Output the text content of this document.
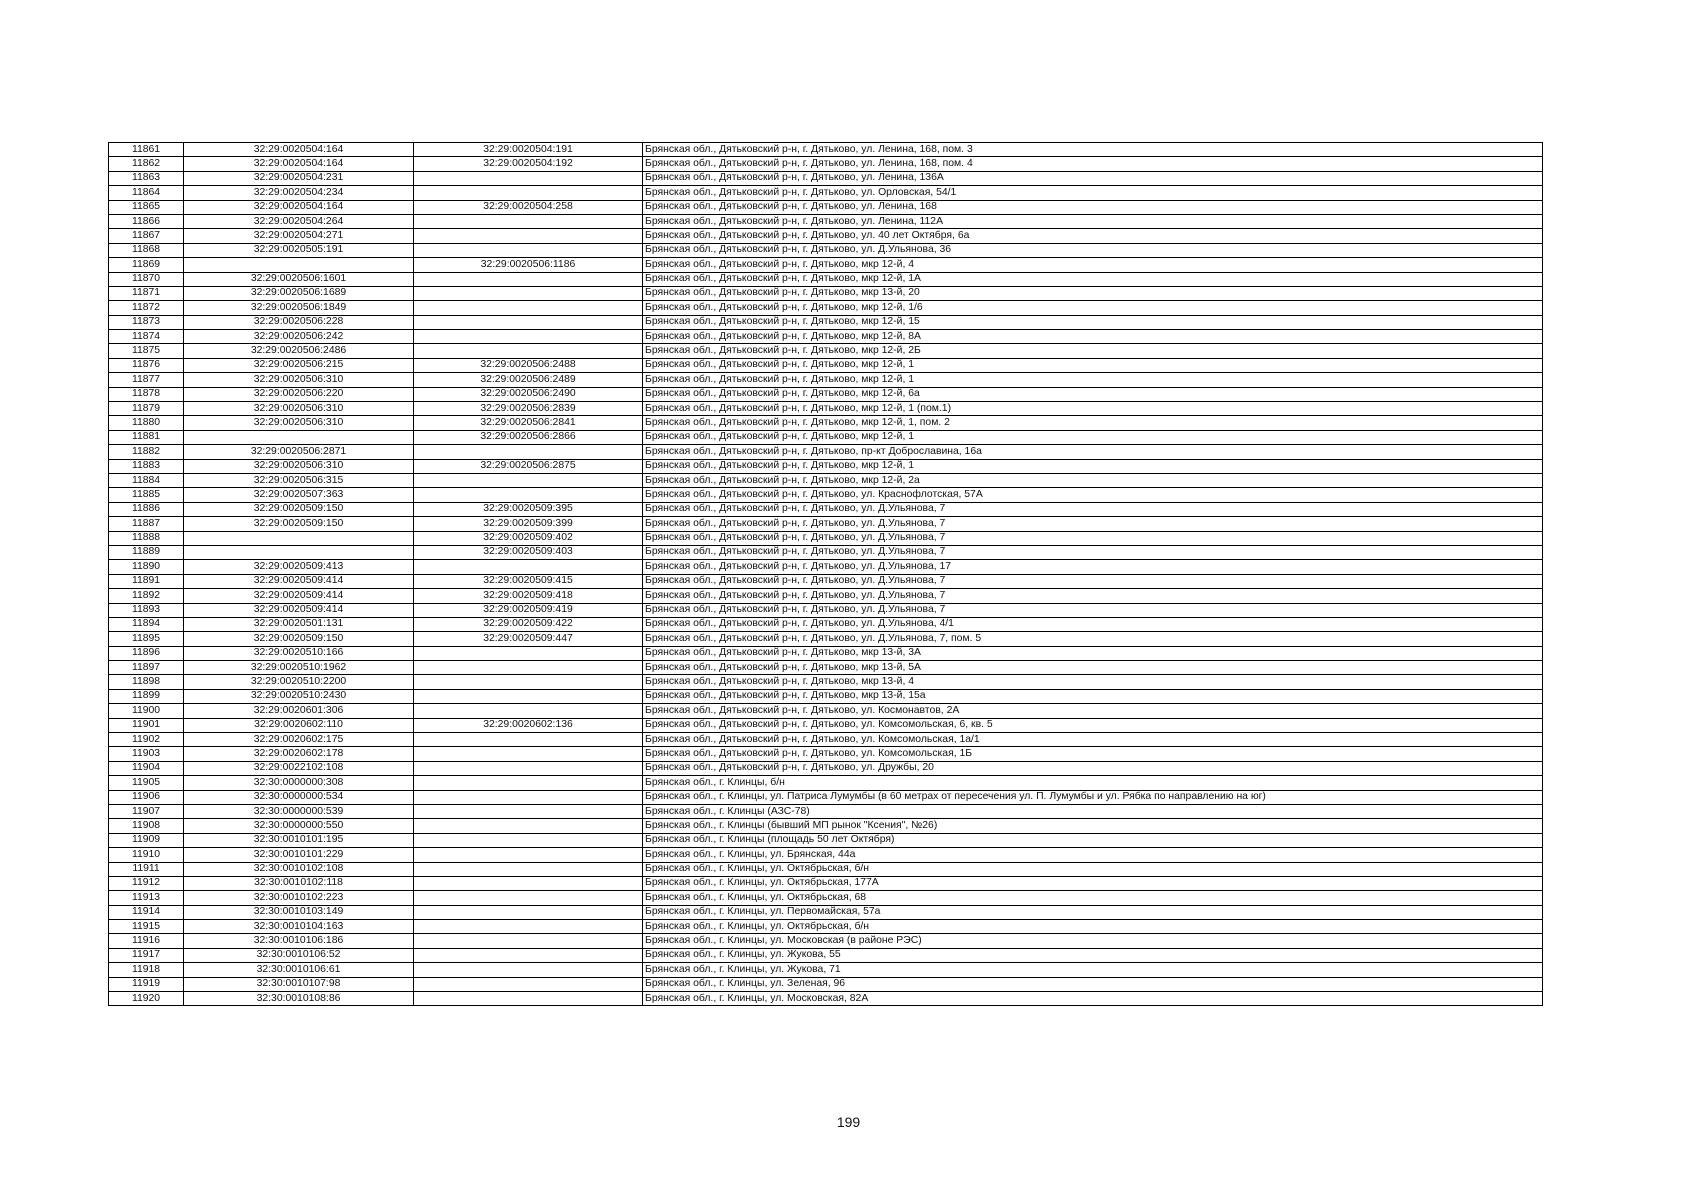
11861	32:29:0020504:164	32:29:0020504:191	Брянская обл., Дятьковский р-н, г. Дятьково, ул. Ленина, 168, пом. 3
11862	32:29:0020504:164	32:29:0020504:192	Брянская обл., Дятьковский р-н, г. Дятьково, ул. Ленина, 168, пом. 4
11863	32:29:0020504:231		Брянская обл., Дятьковский р-н, г. Дятьково, ул. Ленина, 136А
11864	32:29:0020504:234		Брянская обл., Дятьковский р-н, г. Дятьково, ул. Орловская, 54/1
11865	32:29:0020504:164	32:29:0020504:258	Брянская обл., Дятьковский р-н, г. Дятьково, ул. Ленина, 168
11866	32:29:0020504:264		Брянская обл., Дятьковский р-н, г. Дятьково, ул. Ленина, 112А
11867	32:29:0020504:271		Брянская обл., Дятьковский р-н, г. Дятьково, ул. 40 лет Октября, 6а
11868	32:29:0020505:191		Брянская обл., Дятьковский р-н, г. Дятьково, ул. Д.Ульянова, 36
11869		32:29:0020506:1186	Брянская обл., Дятьковский р-н, г. Дятьково, мкр 12-й, 4
11870	32:29:0020506:1601		Брянская обл., Дятьковский р-н, г. Дятьково, мкр 12-й, 1А
11871	32:29:0020506:1689		Брянская обл., Дятьковский р-н, г. Дятьково, мкр 13-й, 20
11872	32:29:0020506:1849		Брянская обл., Дятьковский р-н, г. Дятьково, мкр 12-й, 1/6
11873	32:29:0020506:228		Брянская обл., Дятьковский р-н, г. Дятьково, мкр 12-й, 15
11874	32:29:0020506:242		Брянская обл., Дятьковский р-н, г. Дятьково, мкр 12-й, 8А
11875	32:29:0020506:2486		Брянская обл., Дятьковский р-н, г. Дятьково, мкр 12-й, 2Б
11876	32:29:0020506:215	32:29:0020506:2488	Брянская обл., Дятьковский р-н, г. Дятьково, мкр 12-й, 1
11877	32:29:0020506:310	32:29:0020506:2489	Брянская обл., Дятьковский р-н, г. Дятьково, мкр 12-й, 1
11878	32:29:0020506:220	32:29:0020506:2490	Брянская обл., Дятьковский р-н, г. Дятьково, мкр 12-й, 6а
11879	32:29:0020506:310	32:29:0020506:2839	Брянская обл., Дятьковский р-н, г. Дятьково, мкр 12-й, 1 (пом.1)
11880	32:29:0020506:310	32:29:0020506:2841	Брянская обл., Дятьковский р-н, г. Дятьково, мкр 12-й, 1, пом. 2
11881		32:29:0020506:2866	Брянская обл., Дятьковский р-н, г. Дятьково, мкр 12-й, 1
11882	32:29:0020506:2871		Брянская обл., Дятьковский р-н, г. Дятьково, пр-кт Доброславина, 16а
11883	32:29:0020506:310	32:29:0020506:2875	Брянская обл., Дятьковский р-н, г. Дятьково, мкр 12-й, 1
11884	32:29:0020506:315		Брянская обл., Дятьковский р-н, г. Дятьково, мкр 12-й, 2а
11885	32:29:0020507:363		Брянская обл., Дятьковский р-н, г. Дятьково, ул. Краснофлотская, 57А
11886	32:29:0020509:150	32:29:0020509:395	Брянская обл., Дятьковский р-н, г. Дятьково, ул. Д.Ульянова, 7
11887	32:29:0020509:150	32:29:0020509:399	Брянская обл., Дятьковский р-н, г. Дятьково, ул. Д.Ульянова, 7
11888		32:29:0020509:402	Брянская обл., Дятьковский р-н, г. Дятьково, ул. Д.Ульянова, 7
11889		32:29:0020509:403	Брянская обл., Дятьковский р-н, г. Дятьково, ул. Д.Ульянова, 7
11890	32:29:0020509:413		Брянская обл., Дятьковский р-н, г. Дятьково, ул. Д.Ульянова, 17
11891	32:29:0020509:414	32:29:0020509:415	Брянская обл., Дятьковский р-н, г. Дятьково, ул. Д.Ульянова, 7
11892	32:29:0020509:414	32:29:0020509:418	Брянская обл., Дятьковский р-н, г. Дятьково, ул. Д.Ульянова, 7
11893	32:29:0020509:414	32:29:0020509:419	Брянская обл., Дятьковский р-н, г. Дятьково, ул. Д.Ульянова, 7
11894	32:29:0020501:131	32:29:0020509:422	Брянская обл., Дятьковский р-н, г. Дятьково, ул. Д.Ульянова, 4/1
11895	32:29:0020509:150	32:29:0020509:447	Брянская обл., Дятьковский р-н, г. Дятьково, ул. Д.Ульянова, 7, пом. 5
11896	32:29:0020510:166		Брянская обл., Дятьковский р-н, г. Дятьково, мкр 13-й, 3А
11897	32:29:0020510:1962		Брянская обл., Дятьковский р-н, г. Дятьково, мкр 13-й, 5А
11898	32:29:0020510:2200		Брянская обл., Дятьковский р-н, г. Дятьково, мкр 13-й, 4
11899	32:29:0020510:2430		Брянская обл., Дятьковский р-н, г. Дятьково, мкр 13-й, 15а
11900	32:29:0020601:306		Брянская обл., Дятьковский р-н, г. Дятьково, ул. Космонавтов, 2А
11901	32:29:0020602:110	32:29:0020602:136	Брянская обл., Дятьковский р-н, г. Дятьково, ул. Комсомольская, 6, кв. 5
11902	32:29:0020602:175		Брянская обл., Дятьковский р-н, г. Дятьково, ул. Комсомольская, 1а/1
11903	32:29:0020602:178		Брянская обл., Дятьковский р-н, г. Дятьково, ул. Комсомольская, 1Б
11904	32:29:0022102:108		Брянская обл., Дятьковский р-н, г. Дятьково, ул. Дружбы, 20
11905	32:30:0000000:308		Брянская обл., г. Клинцы, б/н
11906	32:30:0000000:534		Брянская обл., г. Клинцы, ул. Патриса Лумумбы (в 60 метрах от пересечения ул. П. Лумумбы и ул. Рябка по направлению на юг)
11907	32:30:0000000:539		Брянская обл., г. Клинцы (АЗС-78)
11908	32:30:0000000:550		Брянская обл., г. Клинцы (бывший МП рынок "Ксения", №26)
11909	32:30:0010101:195		Брянская обл., г. Клинцы (площадь 50 лет Октября)
11910	32:30:0010101:229		Брянская обл., г. Клинцы, ул. Брянская, 44а
11911	32:30:0010102:108		Брянская обл., г. Клинцы, ул. Октябрьская, б/н
11912	32:30:0010102:118		Брянская обл., г. Клинцы, ул. Октябрьская, 177А
11913	32:30:0010102:223		Брянская обл., г. Клинцы, ул. Октябрьская, 68
11914	32:30:0010103:149		Брянская обл., г. Клинцы, ул. Первомайская, 57а
11915	32:30:0010104:163		Брянская обл., г. Клинцы, ул. Октябрьская, б/н
11916	32:30:0010106:186		Брянская обл., г. Клинцы, ул. Московская (в районе РЭС)
11917	32:30:0010106:52		Брянская обл., г. Клинцы, ул. Жукова, 55
11918	32:30:0010106:61		Брянская обл., г. Клинцы, ул. Жукова, 71
11919	32:30:0010107:98		Брянская обл., г. Клинцы, ул. Зеленая, 96
11920	32:30:0010108:86		Брянская обл., г. Клинцы, ул. Московская, 82А
199
